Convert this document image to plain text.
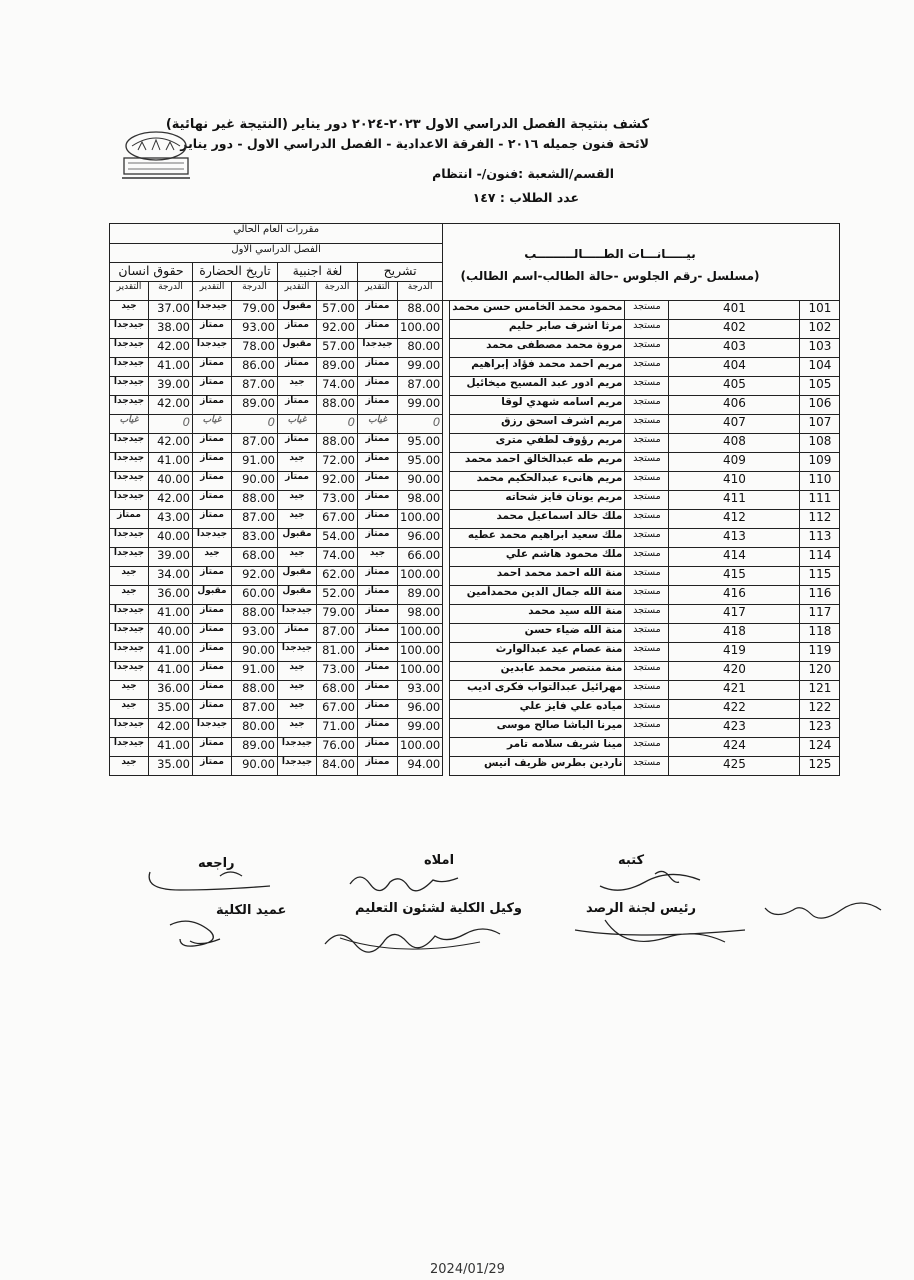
كشف بنتيجة الفصل الدراسي الاول ٢٠٢٣-٢٠٢٤ دور يناير (النتيجة غير نهائية)
لائحة فنون جميله ٢٠١٦ - الفرقة الاعدادية - الفصل الدراسي الاول - دور يناير
القسم/الشعبة :فنون/- انتظام
عدد الطلاب : ١٤٧
مقررات العام الحالي												
الفصل الدراسي الاول												
حقوق انسان		تاريخ الحضارة		لغة اجنبية		تشريح						
التقدير	الدرجة	التقدير	الدرجة	التقدير	الدرجة	التقدير	الدرجة					
جيد	37.00	جيدجدا	79.00	مقبول	57.00	ممتاز	88.00		محمود محمد الخامس حسن محمد	مستجد	401	101
جيدجدا	38.00	ممتاز	93.00	ممتاز	92.00	ممتاز	100.00		مرثا اشرف صابر حليم	مستجد	402	102
جيدجدا	42.00	جيدجدا	78.00	مقبول	57.00	جيدجدا	80.00		مروة محمد مصطفى محمد	مستجد	403	103
جيدجدا	41.00	ممتاز	86.00	ممتاز	89.00	ممتاز	99.00		مريم احمد محمد فؤاد إبراهيم	مستجد	404	104
جيدجدا	39.00	ممتاز	87.00	جيد	74.00	ممتاز	87.00		مريم ادور عبد المسيح ميخائيل	مستجد	405	105
جيدجدا	42.00	ممتاز	89.00	ممتاز	88.00	ممتاز	99.00		مريم اسامه شهدي لوقا	مستجد	406	106
غياب	0	غياب	0	غياب	0	غياب	0		مريم اشرف اسحق رزق	مستجد	407	107
جيدجدا	42.00	ممتاز	87.00	ممتاز	88.00	ممتاز	95.00		مريم رؤوف لطفي مترى	مستجد	408	108
جيدجدا	41.00	ممتاز	91.00	جيد	72.00	ممتاز	95.00		مريم طه عبدالخالق احمد محمد	مستجد	409	109
جيدجدا	40.00	ممتاز	90.00	ممتاز	92.00	ممتاز	90.00		مريم هانىء عبدالحكيم محمد	مستجد	410	110
جيدجدا	42.00	ممتاز	88.00	جيد	73.00	ممتاز	98.00		مريم يونان فايز شحاته	مستجد	411	111
ممتاز	43.00	ممتاز	87.00	جيد	67.00	ممتاز	100.00		ملك خالد اسماعيل محمد	مستجد	412	112
جيدجدا	40.00	جيدجدا	83.00	مقبول	54.00	ممتاز	96.00		ملك سعيد ابراهيم محمد عطيه	مستجد	413	113
جيدجدا	39.00	جيد	68.00	جيد	74.00	جيد	66.00		ملك محمود هاشم علي	مستجد	414	114
جيد	34.00	ممتاز	92.00	مقبول	62.00	ممتاز	100.00		منة الله احمد محمد احمد	مستجد	415	115
جيد	36.00	مقبول	60.00	مقبول	52.00	ممتاز	89.00		منة الله جمال الدين محمدأمين	مستجد	416	116
جيدجدا	41.00	ممتاز	88.00	جيدجدا	79.00	ممتاز	98.00		منة الله سيد محمد	مستجد	417	117
جيدجدا	40.00	ممتاز	93.00	ممتاز	87.00	ممتاز	100.00		منة الله ضياء حسن	مستجد	418	118
جيدجدا	41.00	ممتاز	90.00	جيدجدا	81.00	ممتاز	100.00		منة عصام عيد عبدالوارث	مستجد	419	119
جيدجدا	41.00	ممتاز	91.00	جيد	73.00	ممتاز	100.00		منة منتصر محمد عابدين	مستجد	420	120
جيد	36.00	ممتاز	88.00	جيد	68.00	ممتاز	93.00		مهرائيل عبدالتواب فكرى اديب	مستجد	421	121
جيد	35.00	ممتاز	87.00	جيد	67.00	ممتاز	96.00		مياده علي فايز علي	مستجد	422	122
جيدجدا	42.00	جيدجدا	80.00	جيد	71.00	ممتاز	99.00		ميرنا الباشا صالح موسى	مستجد	423	123
جيدجدا	41.00	ممتاز	89.00	جيدجدا	76.00	ممتاز	100.00		مينا شريف سلامه تامر	مستجد	424	124
جيد	35.00	ممتاز	90.00	جيدجدا	84.00	ممتاز	94.00		ناردين بطرس ظريف انيس	مستجد	425	125
بيـــــانـــات الطـــــالـــــــــب
(مسلسل -رقم الجلوس -حالة الطالب-اسم الطالب)
كتبه
املاه
راجعه
رئيس لجنة الرصد
وكيل الكلية لشئون التعليم
عميد الكلية
2024/01/29
